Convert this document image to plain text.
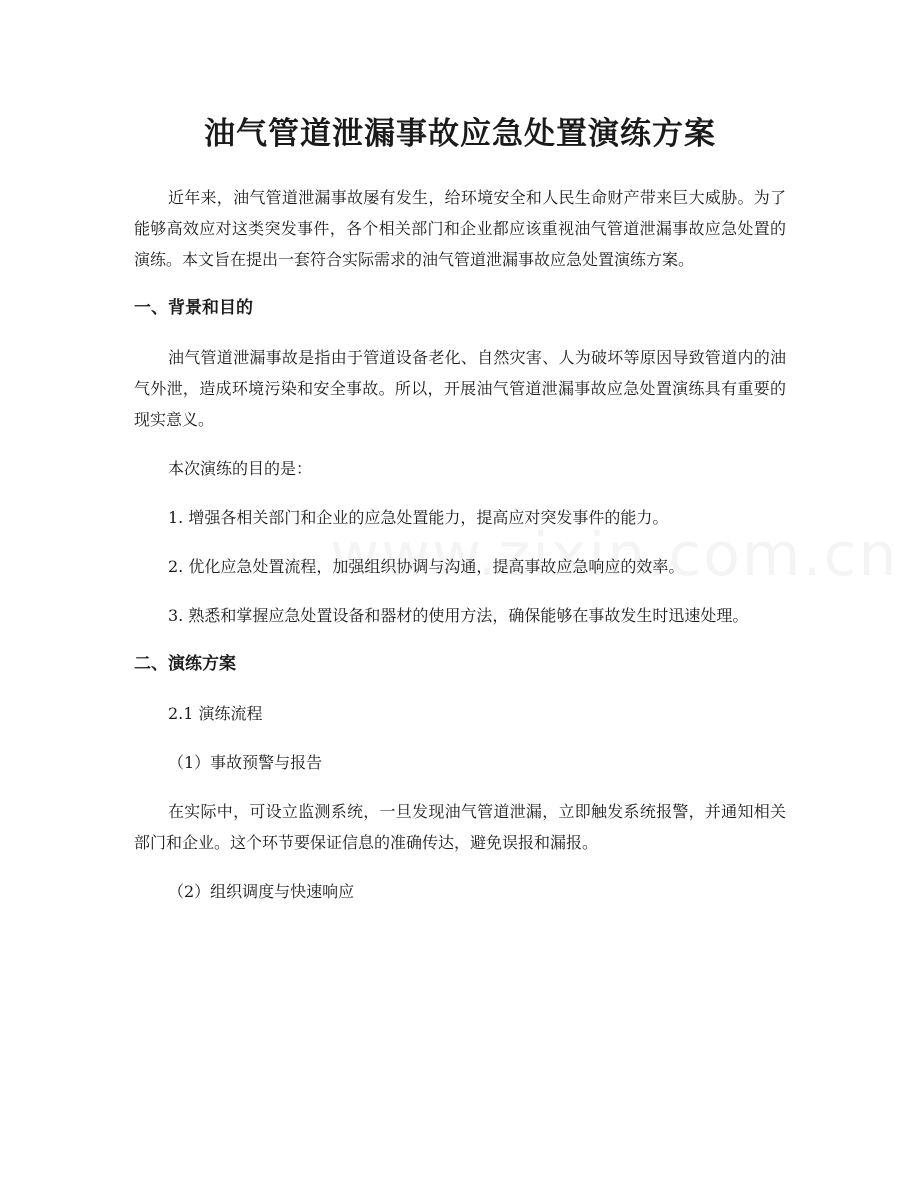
油气管道泄漏事故应急处置演练方案

近年来，油气管道泄漏事故屡有发生，给环境安全和人民生命财产带来巨大威胁。为了能够高效应对这类突发事件，各个相关部门和企业都应该重视油气管道泄漏事故应急处置的演练。本文旨在提出一套符合实际需求的油气管道泄漏事故应急处置演练方案。

一、背景和目的

油气管道泄漏事故是指由于管道设备老化、自然灾害、人为破坏等原因导致管道内的油气外泄，造成环境污染和安全事故。所以，开展油气管道泄漏事故应急处置演练具有重要的现实意义。

本次演练的目的是：

1. 增强各相关部门和企业的应急处置能力，提高应对突发事件的能力。

2. 优化应急处置流程，加强组织协调与沟通，提高事故应急响应的效率。

3. 熟悉和掌握应急处置设备和器材的使用方法，确保能够在事故发生时迅速处理。

二、演练方案

2.1 演练流程

（1）事故预警与报告

在实际中，可设立监测系统，一旦发现油气管道泄漏，立即触发系统报警，并通知相关部门和企业。这个环节要保证信息的准确传达，避免误报和漏报。

（2）组织调度与快速响应
